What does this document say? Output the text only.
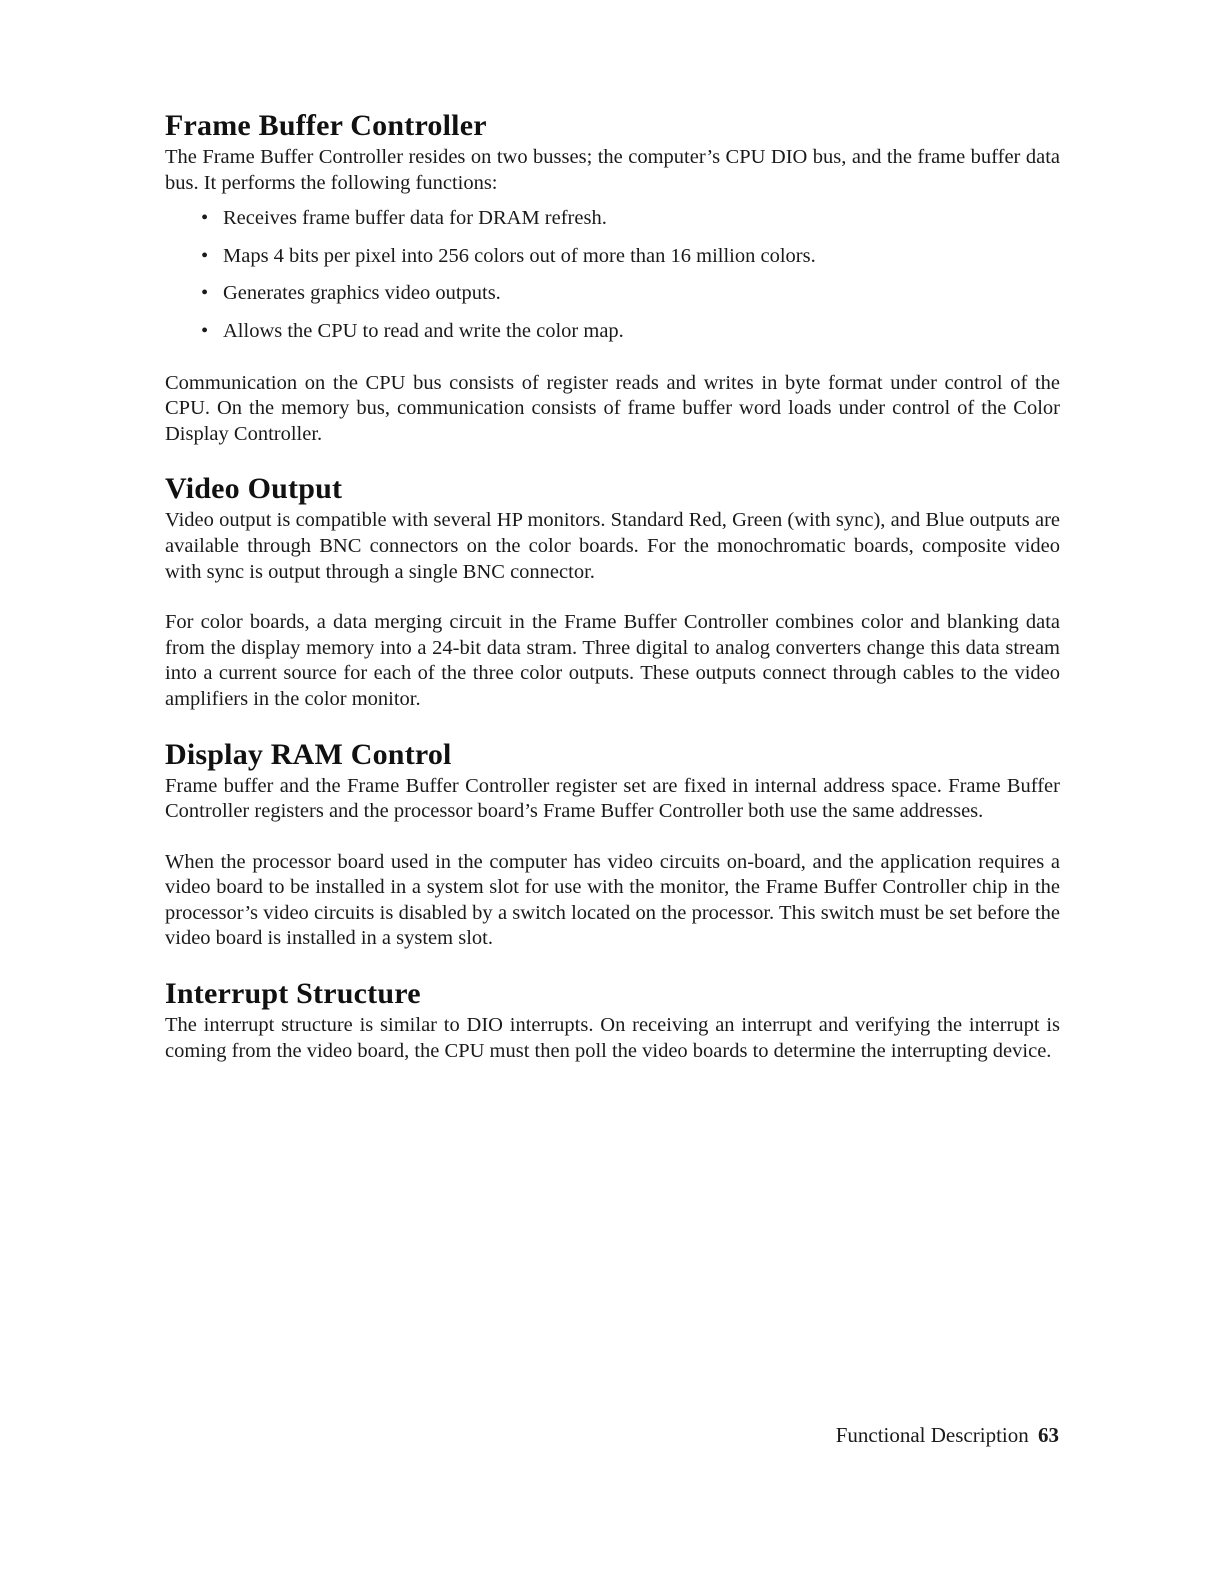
Frame Buffer Controller

The Frame Buffer Controller resides on two busses; the computer’s CPU DIO bus, and the frame buffer data bus. It performs the following functions:

• Receives frame buffer data for DRAM refresh.
• Maps 4 bits per pixel into 256 colors out of more than 16 million colors.
• Generates graphics video outputs.
• Allows the CPU to read and write the color map.

Communication on the CPU bus consists of register reads and writes in byte format under control of the CPU. On the memory bus, communication consists of frame buffer word loads under control of the Color Display Controller.

Video Output

Video output is compatible with several HP monitors. Standard Red, Green (with sync), and Blue outputs are available through BNC connectors on the color boards. For the monochromatic boards, composite video with sync is output through a single BNC connector.

For color boards, a data merging circuit in the Frame Buffer Controller combines color and blanking data from the display memory into a 24-bit data stram. Three digital to analog converters change this data stream into a current source for each of the three color outputs. These outputs connect through cables to the video amplifiers in the color monitor.

Display RAM Control

Frame buffer and the Frame Buffer Controller register set are fixed in internal address space. Frame Buffer Controller registers and the processor board’s Frame Buffer Controller both use the same addresses.

When the processor board used in the computer has video circuits on-board, and the application requires a video board to be installed in a system slot for use with the monitor, the Frame Buffer Controller chip in the processor’s video circuits is disabled by a switch located on the processor. This switch must be set before the video board is installed in a system slot.

Interrupt Structure

The interrupt structure is similar to DIO interrupts. On receiving an interrupt and verifying the interrupt is coming from the video board, the CPU must then poll the video boards to determine the interrupting device.

Functional Description 63
